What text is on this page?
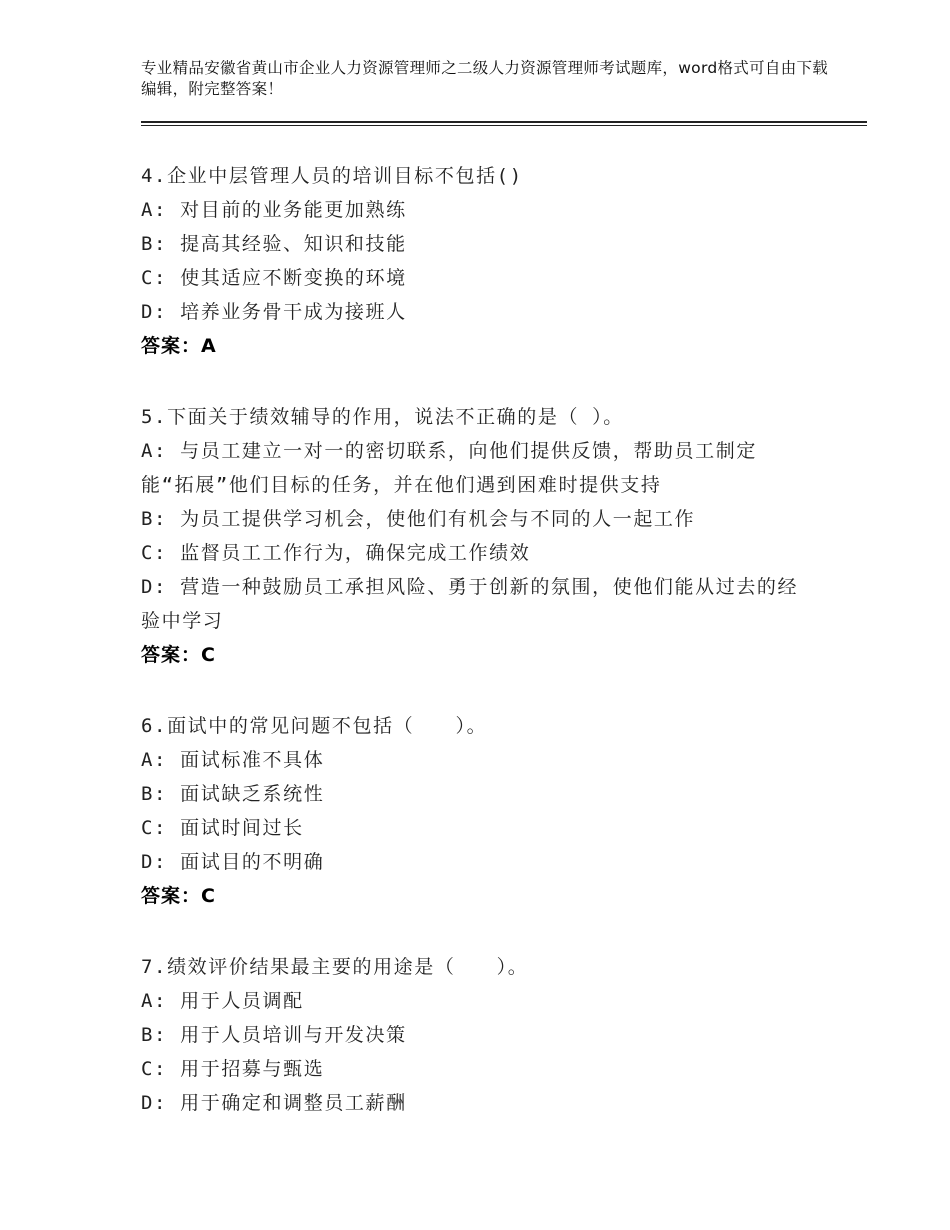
专业精品安徽省黄山市企业人力资源管理师之二级人力资源管理师考试题库，word格式可自由下载编辑，附完整答案！
4.企业中层管理人员的培训目标不包括()
A: 对目前的业务能更加熟练
B: 提高其经验、知识和技能
C: 使其适应不断变换的环境
D: 培养业务骨干成为接班人
答案：A
5.下面关于绩效辅导的作用，说法不正确的是（ ）。
A: 与员工建立一对一的密切联系，向他们提供反馈，帮助员工制定能“拓展”他们目标的任务，并在他们遇到困难时提供支持
B: 为员工提供学习机会，使他们有机会与不同的人一起工作
C: 监督员工工作行为，确保完成工作绩效
D: 营造一种鼓励员工承担风险、勇于创新的氛围，使他们能从过去的经验中学习
答案：C
6.面试中的常见问题不包括（　　）。
A: 面试标准不具体
B: 面试缺乏系统性
C: 面试时间过长
D: 面试目的不明确
答案：C
7.绩效评价结果最主要的用途是（　　）。
A: 用于人员调配
B: 用于人员培训与开发决策
C: 用于招募与甄选
D: 用于确定和调整员工薪酬
